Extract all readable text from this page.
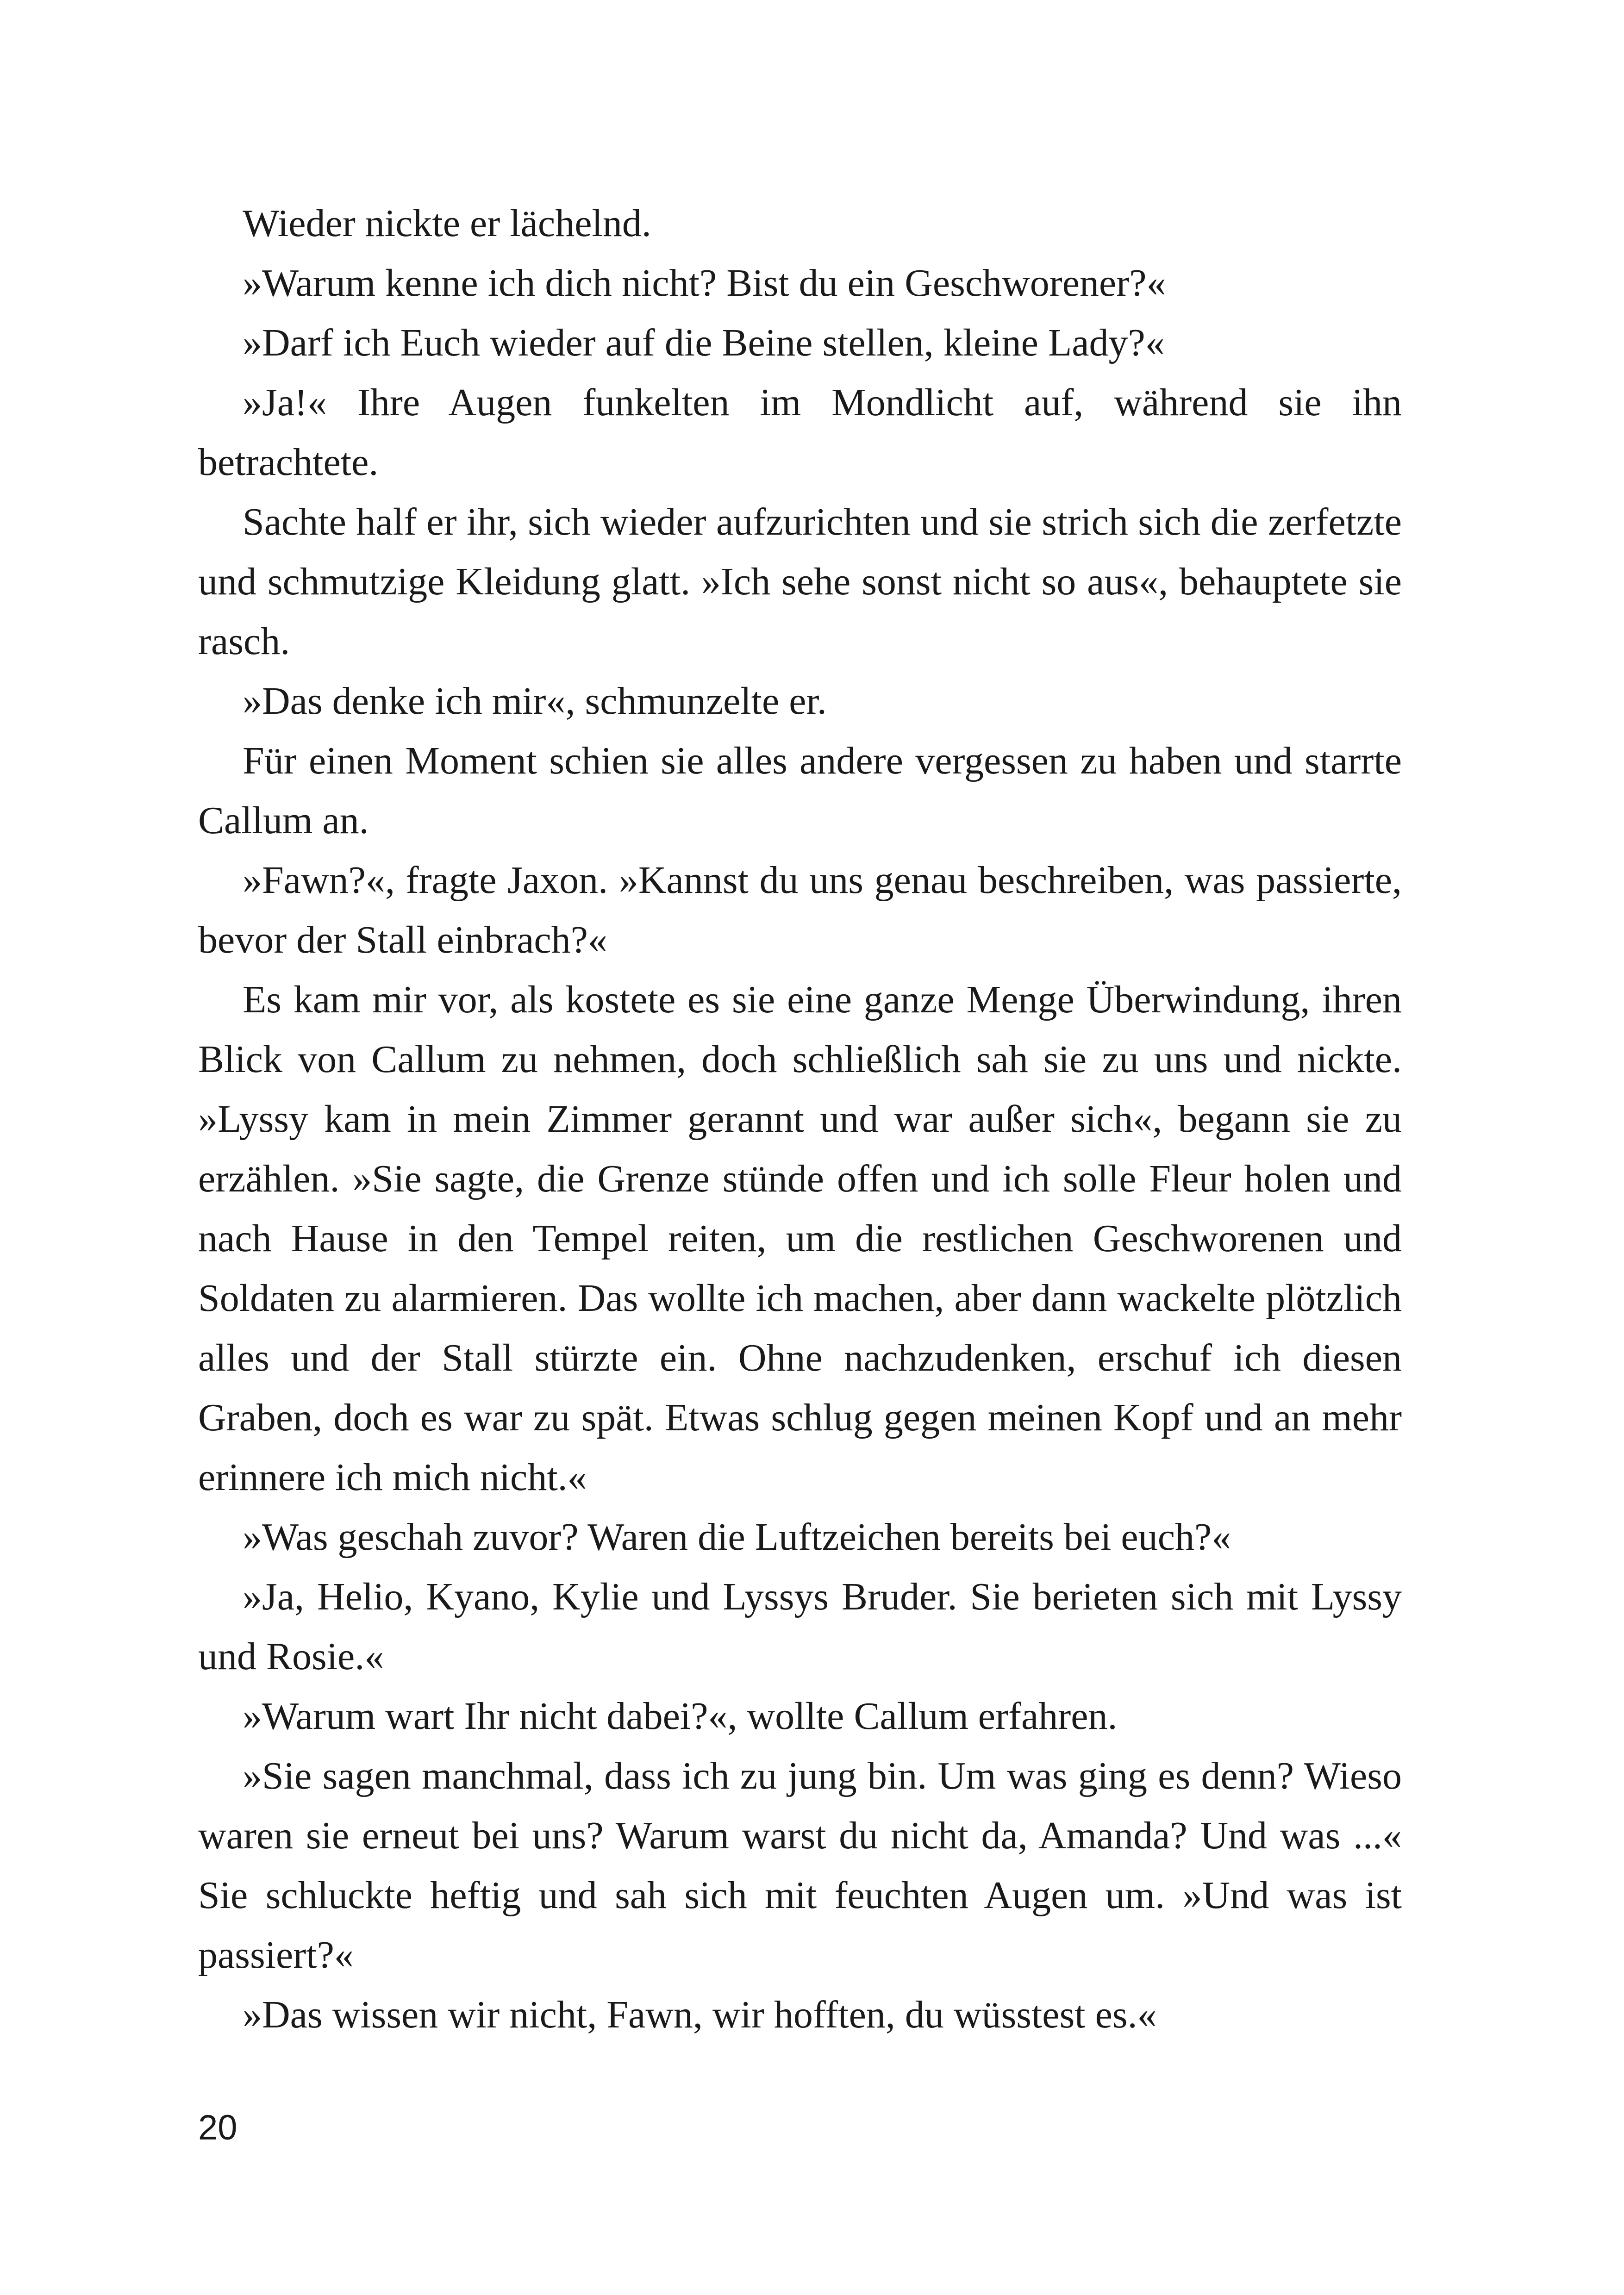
Wieder nickte er lächelnd.

»Warum kenne ich dich nicht? Bist du ein Geschworener?«

»Darf ich Euch wieder auf die Beine stellen, kleine Lady?«

»Ja!« Ihre Augen funkelten im Mondlicht auf, während sie ihn betrachtete.

Sachte half er ihr, sich wieder aufzurichten und sie strich sich die zerfetzte und schmutzige Kleidung glatt. »Ich sehe sonst nicht so aus«, behauptete sie rasch.

»Das denke ich mir«, schmunzelte er.

Für einen Moment schien sie alles andere vergessen zu haben und starrte Callum an.

»Fawn?«, fragte Jaxon. »Kannst du uns genau beschreiben, was passierte, bevor der Stall einbrach?«

Es kam mir vor, als kostete es sie eine ganze Menge Überwindung, ihren Blick von Callum zu nehmen, doch schließlich sah sie zu uns und nickte. »Lyssy kam in mein Zimmer gerannt und war außer sich«, begann sie zu erzählen. »Sie sagte, die Grenze stünde offen und ich solle Fleur holen und nach Hause in den Tempel reiten, um die restlichen Geschworenen und Soldaten zu alarmieren. Das wollte ich machen, aber dann wackelte plötzlich alles und der Stall stürzte ein. Ohne nachzudenken, erschuf ich diesen Graben, doch es war zu spät. Etwas schlug gegen meinen Kopf und an mehr erinnere ich mich nicht.«

»Was geschah zuvor? Waren die Luftzeichen bereits bei euch?«

»Ja, Helio, Kyano, Kylie und Lyssys Bruder. Sie berieten sich mit Lyssy und Rosie.«

»Warum wart Ihr nicht dabei?«, wollte Callum erfahren.

»Sie sagen manchmal, dass ich zu jung bin. Um was ging es denn? Wieso waren sie erneut bei uns? Warum warst du nicht da, Amanda? Und was ...« Sie schluckte heftig und sah sich mit feuchten Augen um. »Und was ist passiert?«

»Das wissen wir nicht, Fawn, wir hofften, du wüsstest es.«

20
